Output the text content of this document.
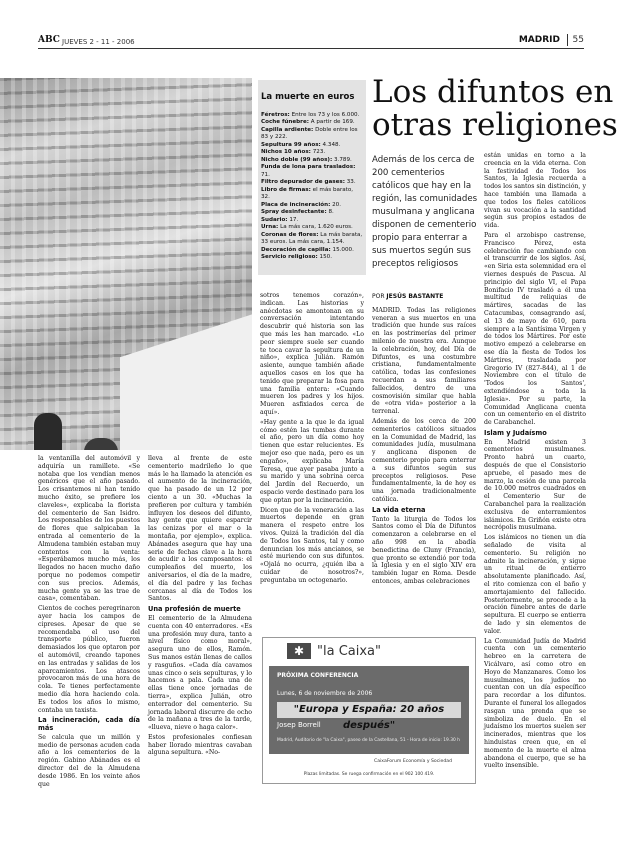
ABC JUEVES 2 - 11 - 2006	MADRID 55
La muerte en euros
Féretros: Entre los 73 y los 6.000.
Coche fúnebre: A partir de 169.
Capilla ardiente: Doble entre los 83 y 222.
Sepultura 99 años: 4.348.
Nichos 10 años: 723.
Nicho doble (99 años): 3.789.
Funda de lona para traslados: 71.
Filtro depurador de gases: 33.
Libro de firmas: el más barato, 32.
Placa de incineración: 20.
Spray desinfectante: 8.
Sudario: 17.
Urna: La más cara, 1.620 euros.
Coronas de flores: La más barata, 33 euros. La más cara, 1.154.
Decoración de capilla: 15.000.
Servicio religioso: 150.
Los difuntos en
otras religiones
Además de los cerca de 200 cementerios católicos que hay en la región, las comunidades musulmana y anglicana disponen de cementerio propio para enterrar a sus muertos según sus preceptos religiosos

la ventanilla del automóvil y adquiría un ramillete. «Se notaba que los vendían menos genéricos que el año pasado. Los crisantemos ni han tenido mucho éxito, se prefiere los claveles», explicaba la florista del cementerio de San Isidro. Los responsables de los puestos de flores que salpicaban la entrada al cementerio de la Almudena también estaban muy contentos con la venta: «Esperábamos mucho más, los llegados no hacen mucho daño porque no podemos competir con sus precios. Además, mucha gente ya se las trae de casa», comentaban.

Cientos de coches peregrinaron ayer hacia los campos de cipreses. Apesar de que se recomendaba el uso del transporte público, fueron demasiados los que optaron por el automóvil, creando tapones en las entradas y salidas de los aparcamientos. Los atascos provocaron más de una hora de cola. Te tienes perfectamente medio día hora haciendo cola. Es todos los años lo mismo, contaba un taxista.

La incineración, cada día más

Se calcula que un millón y medio de personas acuden cada año a los cementerios de la región. Gabino Abánades es el director del de la Almudena desde 1986. En los veinte años que

lleva al frente de este cementerio madrileño lo que más le ha llamado la atención es el aumento de la incineración, que ha pasado de un 12 por ciento a un 30. «Muchas la prefieren por cultura y también influyen los deseos del difunto, hay gente que quiere esparcir las cenizas por el mar o la montaña, por ejemplo», explica. Abánades asegura que hay una serie de fechas clave a la hora de acudir a los camposantos: el cumpleaños del muerto, los aniversarios, el día de la madre, el día del padre y las fechas cercanas al día de Todos los Santos.

Una profesión de muerte

El cementerio de la Almudena cuenta con 40 enterradores. «Es una profesión muy dura, tanto a nivel físico como moral», asegura uno de ellos, Ramón. Sus manos están llenas de callos y rasguños. «Cada día cavamos unas cinco o seis sepulturas, y lo hacemos a pala. Cada una de ellas tiene once jornadas de tierra», explica Julián, otro enterrador del cementerio. Su jornada laboral discurre de ocho de la mañana a tres de la tarde, «llueva, nieve o haga calor».

Estos profesionales confiesan haber llorado mientras cavaban alguna sepultura. «No-

sotros tenemos corazón», indican. Las historias y anécdotas se amontonan en su conversación intentando descubrir qué historia son las que más les han marcado. «Lo peor siempre suele ser cuando te toca cavar la sepultura de un niño», explica Julián. Ramón asiente, aunque también añade aquellos casos en los que ha tenido que preparar la fosa para una familia entera: «Cuando mueren los padres y los hijos. Mueren asfixiados cerca de aquí».

«Hay gente a la que le da igual cómo estén las tumbas durante el año, pero un día como hoy tienen que estar relucientes. Es mejor eso que nada, pero es un engaño», explicaba María Teresa, que ayer pasaba junto a su marido y una sobrina cerca del Jardín del Recuerdo, un espacio verde destinado para los que optan por la incineración.

Dicen que de la veneración a las muertos depende en gran manera el respeto entre los vivos. Quizá la tradición del día de Todos los Santos, tal y como denuncian los más ancianos, se esté muriendo con sus difuntos. «Ojalá no ocurra, ¿quién iba a cuidar de nosotros?», preguntaba un octogenario.

POR JESÚS BASTANTE

MADRID. Todas las religiones veneran a sus muertos en una tradición que hunde sus raíces en las postrimerías del primer milenio de nuestra era. Aunque la celebración, hoy, del Día de Difuntos, es una costumbre cristiana, fundamentalmente católica, todas las confesiones recuerdan a sus familiares fallecidos, dentro de una cosmovisión similar que habla de «otra vida» posterior a la terrenal.

Además de los cerca de 200 cementerios católicos situados en la Comunidad de Madrid, las comunidades judía, musulmana y anglicana disponen de cementerio propio para enterrar a sus difuntos según sus preceptos religiosos. Pese fundamentalmente, la de hoy es una jornada tradicionalmente católica.

La vida eterna

Tanto la liturgia de Todos los Santos como el Día de Difuntos comenzaron a celebrarse en el año 998 en la abadía benedictina de Cluny (Francia), que pronto se extendió por toda la Iglesia y en el siglo XIV era también lugar en Roma. Desde entonces, ambas celebraciones

están unidas en torno a la creencia en la vida eterna. Con la festividad de Todos los Santos, la Iglesia recuerda a todos los santos sin distinción, y hace también una llamada a que todos los fieles católicos vivan su vocación a la santidad según sus propios estados de vida.

Para el arzobispo castrense, Francisco Pérez, esta celebración fue cambiando con el transcurrir de los siglos. Así, «en Siria esta solemnidad era el viernes después de Pascua. Al principio del siglo VI, el Papa Bonifacio IV trasladó a él una multitud de reliquias de mártires, sacadas de las Catacumbas, consagrando así, el 13 de mayo de 610, para siempre a la Santísima Virgen y de todos los Mártires. Por este motivo empezó a celebrarse en ese día la fiesta de Todos los Mártires, trasladada por Gregorio IV (827-844), al 1 de Noviembre con el título de 'Todos los Santos', extendiéndose a toda la Iglesia». Por su parte, la Comunidad Anglicana cuenta con un cementerio en el distrito de Carabanchel.

Islam y Judaísmo

En Madrid existen 3 cementerios musulmanes. Pronto habrá un cuarto, después de que el Consistorio apruebe, el pasado mes de marzo, la cesión de una parcela de 10.000 metros cuadrados en el Cementerio Sur de Carabanchel para la realización exclusiva de enterramientos islámicos. En Griñón existe otra necrópolis musulmana.

Los islámicos no tienen un día señalado de visita al cementerio. Su religión no admite la incineración, y sigue un ritual de entierro absolutamente planificado. Así, el rito comienza con el baño y amortajamiento del fallecido. Posteriormente, se procede a la oración fúnebre antes de darle sepultura. El cuerpo se entierra de lado y sin elementos de valor.

La Comunidad Judía de Madrid cuenta con un cementerio hebreo en la carretera de Vicálvaro, así como otro en Hoyo de Manzanares. Como los musulmanes, los judíos no cuentan con un día específico para recordar a los difuntos. Durante el funeral los allegados rasgan una prenda que se simboliza de duelo. En el judaísmo los muertos suelen ser incinerados, mientras que los hinduistas creen que, en el momento de la muerte el alma abandona el cuerpo, que se ha vuelto insensible.

✱ "la Caixa"
PRÓXIMA CONFERENCIA
Lunes, 6 de noviembre de 2006
"Europa y España: 20 años después"
Josep Borrell
Madrid, Auditorio de "la Caixa", paseo de la Castellana, 51 - Hora de inicio: 19.30 h
CaixaForum Economía y Sociedad
Plazas limitadas. Se ruega confirmación en el 902 100 419.
